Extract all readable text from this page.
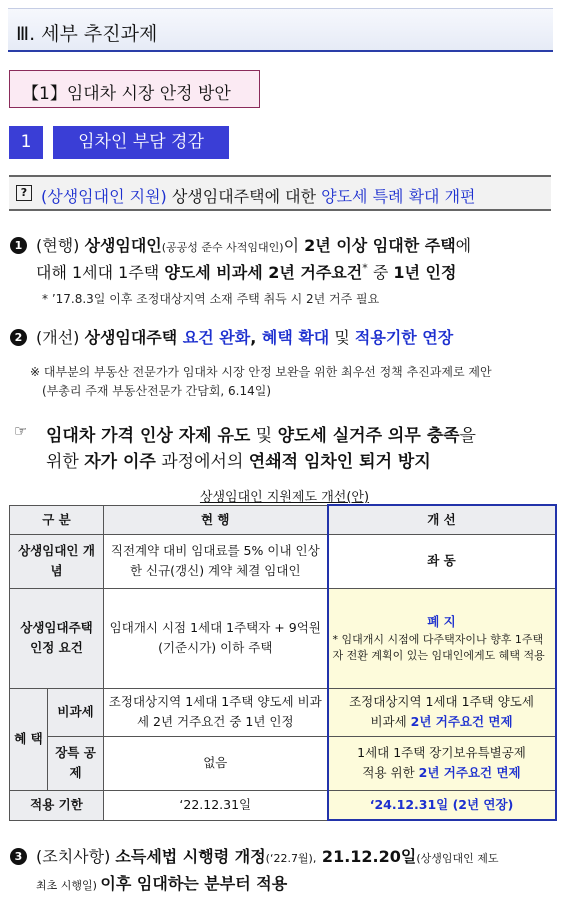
Ⅲ. 세부 추진과제
【1】임대차 시장 안정 방안
1	임차인 부담 경감
? (상생임대인 지원) 상생임대주택에 대한 양도세 특례 확대 개편
1 (현행) 상생임대인(공공성 준수 사적임대인)이 2년 이상 임대한 주택에
대해 1세대 1주택 양도세 비과세 2년 거주요건* 중 1년 인정
* ’17.8.3일 이후 조정대상지역 소재 주택 취득 시 2년 거주 필요
2 (개선) 상생임대주택 요건 완화, 혜택 확대 및 적용기한 연장
※ 대부분의 부동산 전문가가 임대차 시장 안정 보완을 위한 최우선 정책 추진과제로 제안
(부총리 주재 부동산전문가 간담회, 6.14일)
☞ 임대차 가격 인상 자제 유도 및 양도세 실거주 의무 충족을
위한 자가 이주 과정에서의 연쇄적 임차인 퇴거 방지
상생임대인 지원제도 개선(안)
구 분		현 행	개 선
상생임대인 개념		직전계약 대비 임대료를 5% 이내 인상한 신규(갱신) 계약 체결 임대인	좌 동
상생임대주택 인정 요건		임대개시 시점 1세대 1주택자 + 9억원(기준시가) 이하 주택	폐 지
* 임대개시 시점에 다주택자이나 향후 1주택자 전환 계획이 있는 임대인에게도 혜택 적용

혜 택	비과세	조정대상지역 1세대 1주택 양도세 비과세 2년 거주요건 중 1년 인정	조정대상지역 1세대 1주택 양도세
비과세 2년 거주요건 면제
	장특 공제	없음	1세대 1주택 장기보유특별공제
적용 위한 2년 거주요건 면제
적용 기한		‘22.12.31일	‘24.12.31일 (2년 연장)
3 (조치사항) 소득세법 시행령 개정(‘22.7월), 21.12.20일(상생임대인 제도
최초 시행일) 이후 임대하는 분부터 적용
